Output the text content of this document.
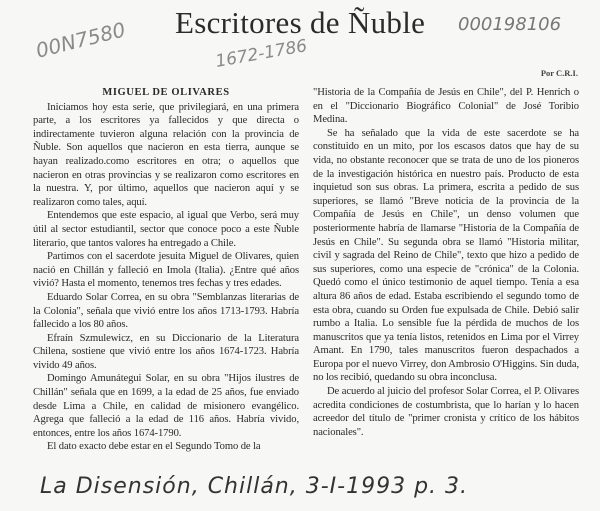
Escritores de Ñuble
00N7580	1672-1786
000198106
Por C.R.I.
MIGUEL DE OLIVARES

Iniciamos hoy esta serie, que privilegiará, en una primera parte, a los escritores ya fallecidos y que directa o indirectamente tuvieron alguna relación con la provincia de Ñuble. Son aquellos que nacieron en esta tierra, aunque se hayan realizado.como escritores en otra; o aquellos que nacieron en otras provincias y se realizaron como escritores en la nuestra. Y, por último, aquellos que nacieron aquí y se realizaron como tales, aquí.

Entendemos que este espacio, al igual que Verbo, será muy útil al sector estudiantil, sector que conoce poco a este Ñuble literario, que tantos valores ha entregado a Chile.

Partimos con el sacerdote jesuita Miguel de Olivares, quien nació en Chillán y falleció en Imola (Italia). ¿Entre qué años vivió? Hasta el momento, tenemos tres fechas y tres edades.

Eduardo Solar Correa, en su obra "Semblanzas literarias de la Colonia", señala que vivió entre los años 1713-1793. Habría fallecido a los 80 años.

Efraín Szmulewicz, en su Diccionario de la Literatura Chilena, sostiene que vivió entre los años 1674-1723. Habría vivido 49 años.

Domingo Amunátegui Solar, en su obra "Hijos ilustres de Chillán" señala que en 1699, a la edad de 25 años, fue enviado desde Lima a Chile, en calidad de misionero evangélico. Agrega que falleció a la edad de 116 años. Habría vivido, entonces, entre los años 1674-1790.

El dato exacto debe estar en el Segundo Tomo de la

"Historia de la Compañía de Jesús en Chile", del P. Henrich o en el "Diccionario Biográfico Colonial" de José Toribio Medina.

Se ha señalado que la vida de este sacerdote se ha constituido en un mito, por los escasos datos que hay de su vida, no obstante reconocer que se trata de uno de los pioneros de la investigación histórica en nuestro país. Producto de esta inquietud son sus obras. La primera, escrita a pedido de sus superiores, se llamó "Breve noticia de la provincia de la Compañía de Jesús en Chile", un denso volumen que posteriormente habría de llamarse "Historia de la Compañía de Jesús en Chile". Su segunda obra se llamó "Historia militar, civil y sagrada del Reino de Chile", texto que hizo a pedido de sus superiores, como una especie de "crónica" de la Colonia. Quedó como el único testimonio de aquel tiempo. Tenía a esa altura 86 años de edad. Estaba escribiendo el segundo tomo de esta obra, cuando su Orden fue expulsada de Chile. Debió salir rumbo a Italia. Lo sensible fue la pérdida de muchos de los manuscritos que ya tenía listos, retenidos en Lima por el Virrey Amant. En 1790, tales manuscritos fueron despachados a Europa por el nuevo Virrey, don Ambrosio O'Higgins. Sin duda, no los recibió, quedando su obra inconclusa.

De acuerdo al juicio del profesor Solar Correa, el P. Olivares acredita condiciones de costumbrista, que lo harían y lo hacen acreedor del título de "primer cronista y crítico de los hábitos nacionales".

La Disensión, Chillán, 3-I-1993 p. 3.
